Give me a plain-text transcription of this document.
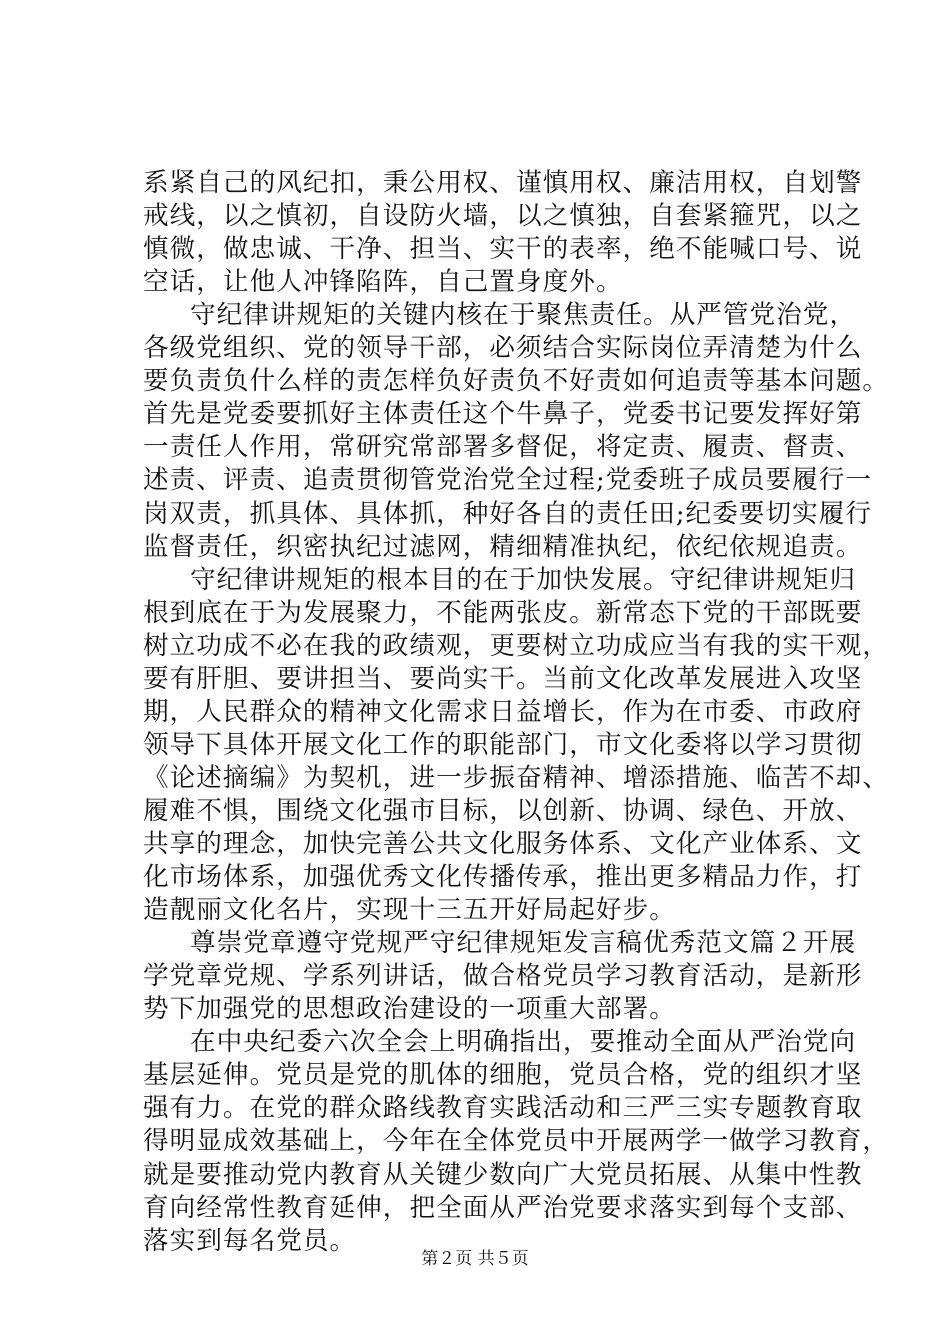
系紧自己的风纪扣，秉公用权、谨慎用权、廉洁用权，自划警
戒线，以之慎初，自设防火墙，以之慎独，自套紧箍咒，以之
慎微，做忠诚、干净、担当、实干的表率，绝不能喊口号、说
空话，让他人冲锋陷阵，自己置身度外。
守纪律讲规矩的关键内核在于聚焦责任。从严管党治党，
各级党组织、党的领导干部，必须结合实际岗位弄清楚为什么
要负责负什么样的责怎样负好责负不好责如何追责等基本问题。
首先是党委要抓好主体责任这个牛鼻子，党委书记要发挥好第
一责任人作用，常研究常部署多督促，将定责、履责、督责、
述责、评责、追责贯彻管党治党全过程;党委班子成员要履行一
岗双责，抓具体、具体抓，种好各自的责任田;纪委要切实履行
监督责任，织密执纪过滤网，精细精准执纪，依纪依规追责。
守纪律讲规矩的根本目的在于加快发展。守纪律讲规矩归
根到底在于为发展聚力，不能两张皮。新常态下党的干部既要
树立功成不必在我的政绩观，更要树立功成应当有我的实干观，
要有肝胆、要讲担当、要尚实干。当前文化改革发展进入攻坚
期，人民群众的精神文化需求日益增长，作为在市委、市政府
领导下具体开展文化工作的职能部门，市文化委将以学习贯彻
《论述摘编》为契机，进一步振奋精神、增添措施、临苦不却、
履难不惧，围绕文化强市目标，以创新、协调、绿色、开放、
共享的理念，加快完善公共文化服务体系、文化产业体系、文
化市场体系，加强优秀文化传播传承，推出更多精品力作，打
造靓丽文化名片，实现十三五开好局起好步。
尊崇党章遵守党规严守纪律规矩发言稿优秀范文篇２开展
学党章党规、学系列讲话，做合格党员学习教育活动，是新形
势下加强党的思想政治建设的一项重大部署。
在中央纪委六次全会上明确指出，要推动全面从严治党向
基层延伸。党员是党的肌体的细胞，党员合格，党的组织才坚
强有力。在党的群众路线教育实践活动和三严三实专题教育取
得明显成效基础上，今年在全体党员中开展两学一做学习教育，
就是要推动党内教育从关键少数向广大党员拓展、从集中性教
育向经常性教育延伸，把全面从严治党要求落实到每个支部、
落实到每名党员。
第２页 共５页
